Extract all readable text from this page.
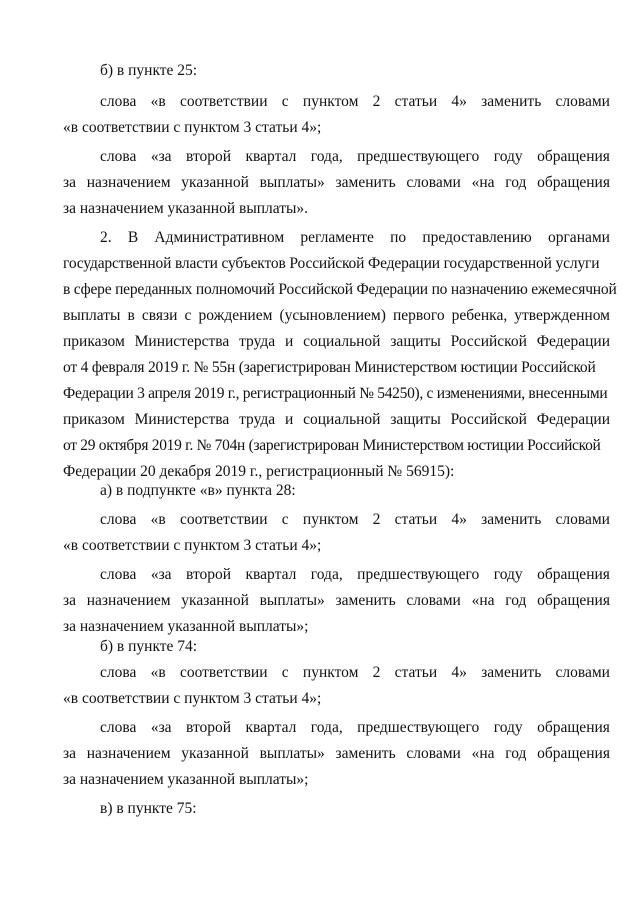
б) в пункте 25:
слова «в соответствии с пунктом 2 статьи 4» заменить словами
«в соответствии с пунктом 3 статьи 4»;
слова «за второй квартал года, предшествующего году обращения
за назначением указанной выплаты» заменить словами «на год обращения
за назначением указанной выплаты».
2. В Административном регламенте по предоставлению органами
государственной власти субъектов Российской Федерации государственной услуги
в сфере переданных полномочий Российской Федерации по назначению ежемесячной
выплаты в связи с рождением (усыновлением) первого ребенка, утвержденном
приказом Министерства труда и социальной защиты Российской Федерации
от 4 февраля 2019 г. № 55н (зарегистрирован Министерством юстиции Российской
Федерации 3 апреля 2019 г., регистрационный № 54250), с изменениями, внесенными
приказом Министерства труда и социальной защиты Российской Федерации
от 29 октября 2019 г. № 704н (зарегистрирован Министерством юстиции Российской
Федерации 20 декабря 2019 г., регистрационный № 56915):
а) в подпункте «в» пункта 28:
слова «в соответствии с пунктом 2 статьи 4» заменить словами
«в соответствии с пунктом 3 статьи 4»;
слова «за второй квартал года, предшествующего году обращения
за назначением указанной выплаты» заменить словами «на год обращения
за назначением указанной выплаты»;
б) в пункте 74:
слова «в соответствии с пунктом 2 статьи 4» заменить словами
«в соответствии с пунктом 3 статьи 4»;
слова «за второй квартал года, предшествующего году обращения
за назначением указанной выплаты» заменить словами «на год обращения
за назначением указанной выплаты»;
в) в пункте 75:
